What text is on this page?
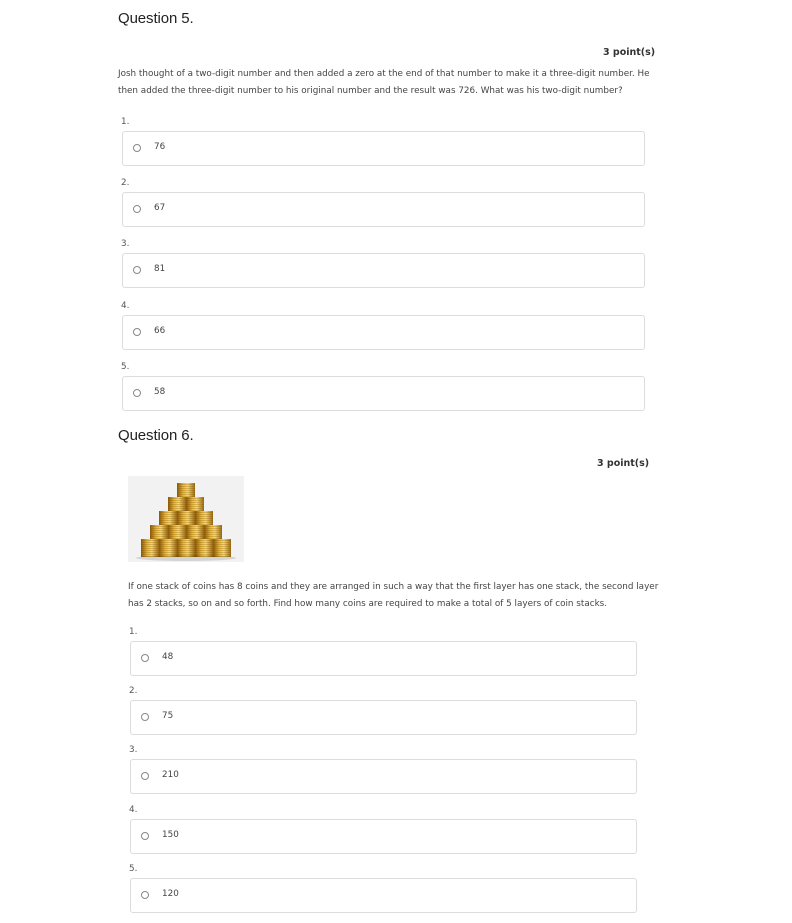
Question 5.
3 point(s)

Josh thought of a two-digit number and then added a zero at the end of that number to make it a three-digit number. He

then added the three-digit number to his original number and the result was 726. What was his two-digit number?

1.
76
2.
67
3.
81
4.
66
5.
58
Question 6.
3 point(s)

If one stack of coins has 8 coins and they are arranged in such a way that the first layer has one stack, the second layer

has 2 stacks, so on and so forth. Find how many coins are required to make a total of 5 layers of coin stacks.

1.
48
2.
75
3.
210
4.
150
5.
120
